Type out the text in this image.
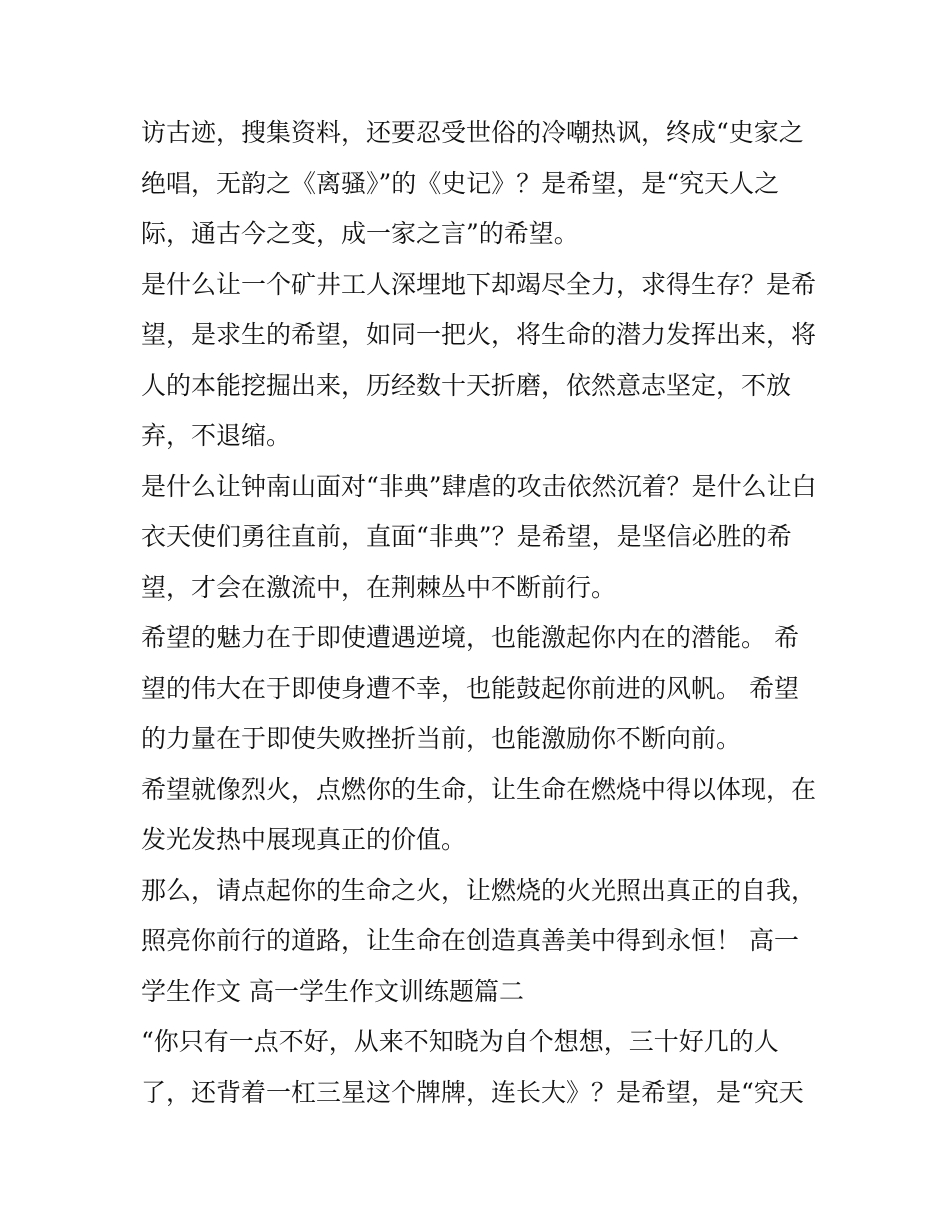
访古迹，搜集资料，还要忍受世俗的冷嘲热讽，终成“史家之
绝唱，无韵之《离骚》”的《史记》？是希望，是“究天人之
际，通古今之变，成一家之言”的希望。
是什么让一个矿井工人深埋地下却竭尽全力，求得生存？是希
望，是求生的希望，如同一把火，将生命的潜力发挥出来，将
人的本能挖掘出来，历经数十天折磨，依然意志坚定，不放
弃，不退缩。
是什么让钟南山面对“非典”肆虐的攻击依然沉着？是什么让白
衣天使们勇往直前，直面“非典”？是希望，是坚信必胜的希
望，才会在激流中，在荆棘丛中不断前行。
希望的魅力在于即使遭遇逆境，也能激起你内在的潜能。 希
望的伟大在于即使身遭不幸，也能鼓起你前进的风帆。 希望
的力量在于即使失败挫折当前，也能激励你不断向前。
希望就像烈火，点燃你的生命，让生命在燃烧中得以体现，在
发光发热中展现真正的价值。
那么，请点起你的生命之火，让燃烧的火光照出真正的自我，
照亮你前行的道路，让生命在创造真善美中得到永恒！ 高一
学生作文 高一学生作文训练题篇二
“你只有一点不好，从来不知晓为自个想想，三十好几的人
了，还背着一杠三星这个牌牌，连长大》？是希望，是“究天
